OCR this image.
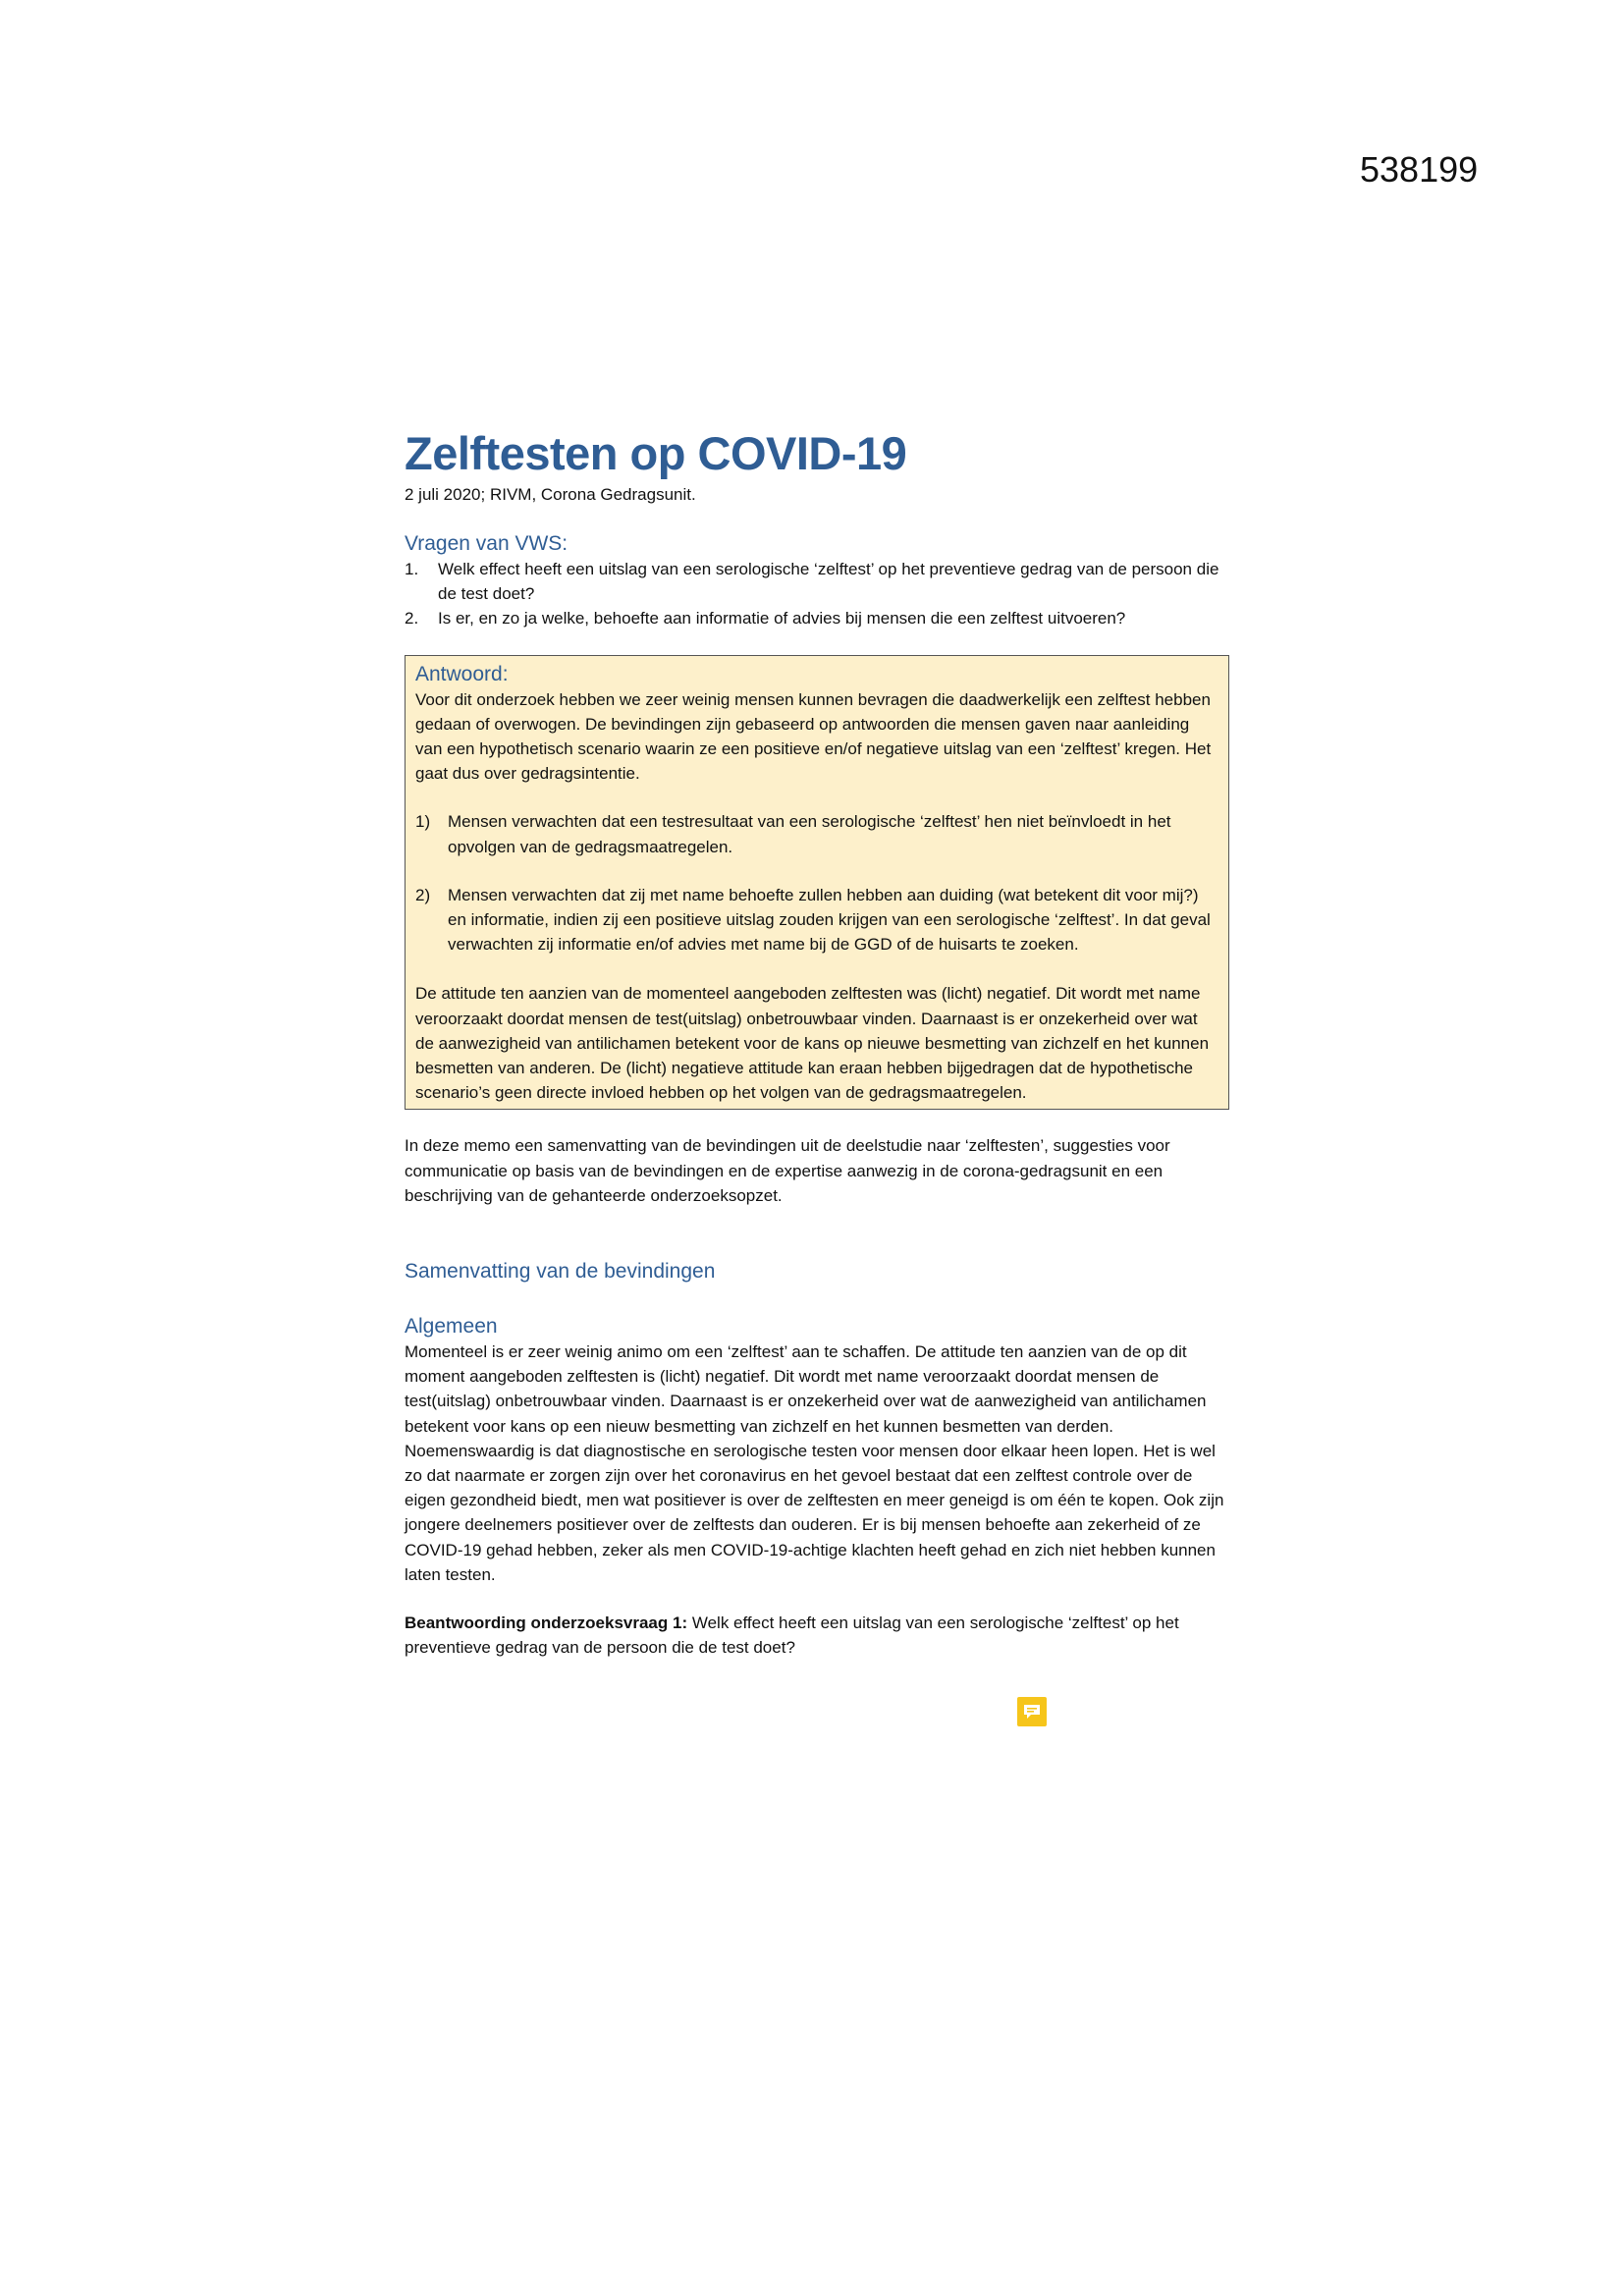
538199
Zelftesten op COVID-19
2 juli 2020; RIVM, Corona Gedragsunit.
Vragen van VWS:
1. Welk effect heeft een uitslag van een serologische ‘zelftest’ op het preventieve gedrag van de persoon die de test doet?
2. Is er, en zo ja welke, behoefte aan informatie of advies bij mensen die een zelftest uitvoeren?
Antwoord:
Voor dit onderzoek hebben we zeer weinig mensen kunnen bevragen die daadwerkelijk een zelftest hebben gedaan of overwogen. De bevindingen zijn gebaseerd op antwoorden die mensen gaven naar aanleiding van een hypothetisch scenario waarin ze een positieve en/of negatieve uitslag van een ‘zelftest’ kregen. Het gaat dus over gedragsintentie.
1) Mensen verwachten dat een testresultaat van een serologische ‘zelftest’ hen niet beïnvloedt in het opvolgen van de gedragsmaatregelen.
2) Mensen verwachten dat zij met name behoefte zullen hebben aan duiding (wat betekent dit voor mij?) en informatie, indien zij een positieve uitslag zouden krijgen van een serologische ‘zelftest’. In dat geval verwachten zij informatie en/of advies met name bij de GGD of de huisarts te zoeken.
De attitude ten aanzien van de momenteel aangeboden zelftesten was (licht) negatief. Dit wordt met name veroorzaakt doordat mensen de test(uitslag) onbetrouwbaar vinden. Daarnaast is er onzekerheid over wat de aanwezigheid van antilichamen betekent voor de kans op nieuwe besmetting van zichzelf en het kunnen besmetten van anderen. De (licht) negatieve attitude kan eraan hebben bijgedragen dat de hypothetische scenario’s geen directe invloed hebben op het volgen van de gedragsmaatregelen.
In deze memo een samenvatting van de bevindingen uit de deelstudie naar ‘zelftesten’, suggesties voor communicatie op basis van de bevindingen en de expertise aanwezig in de corona-gedragsunit en een beschrijving van de gehanteerde onderzoeksopzet.
Samenvatting van de bevindingen
Algemeen
Momenteel is er zeer weinig animo om een ‘zelftest’ aan te schaffen. De attitude ten aanzien van de op dit moment aangeboden zelftesten is (licht) negatief. Dit wordt met name veroorzaakt doordat mensen de test(uitslag) onbetrouwbaar vinden. Daarnaast is er onzekerheid over wat de aanwezigheid van antilichamen betekent voor kans op een nieuw besmetting van zichzelf en het kunnen besmetten van derden. Noemenswaardig is dat diagnostische en serologische testen voor mensen door elkaar heen lopen. Het is wel zo dat naarmate er zorgen zijn over het coronavirus en het gevoel bestaat dat een zelftest controle over de eigen gezondheid biedt, men wat positiever is over de zelftesten en meer geneigd is om één te kopen. Ook zijn jongere deelnemers positiever over de zelftests dan ouderen. Er is bij mensen behoefte aan zekerheid of ze COVID-19 gehad hebben, zeker als men COVID-19-achtige klachten heeft gehad en zich niet hebben kunnen laten testen.
Beantwoording onderzoeksvraag 1: Welk effect heeft een uitslag van een serologische ‘zelftest’ op het preventieve gedrag van de persoon die de test doet?
